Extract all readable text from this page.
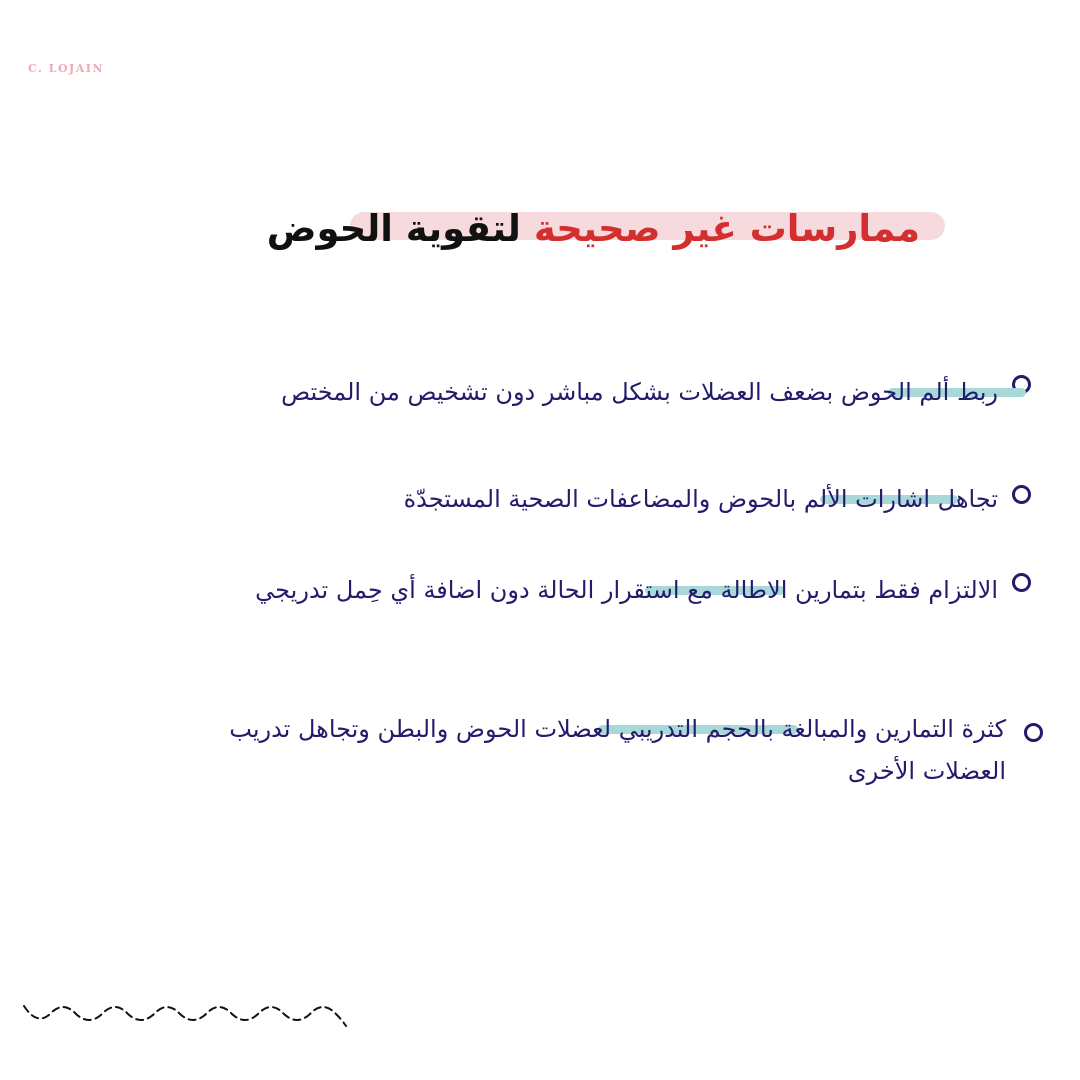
C. LOJAIN
ممارسات غير صحيحة لتقوية الحوض
ربط ألم الحوض بضعف العضلات بشكل مباشر دون تشخيص من المختص
تجاهل اشارات الألم بالحوض والمضاعفات الصحية المستجدّة
الالتزام فقط بتمارين الاطالة مع استقرار الحالة دون اضافة أي حِمل تدريجي
كثرة التمارين والمبالغة بالحجم التدريبي لعضلات الحوض والبطن وتجاهل تدريب العضلات الأخرى
